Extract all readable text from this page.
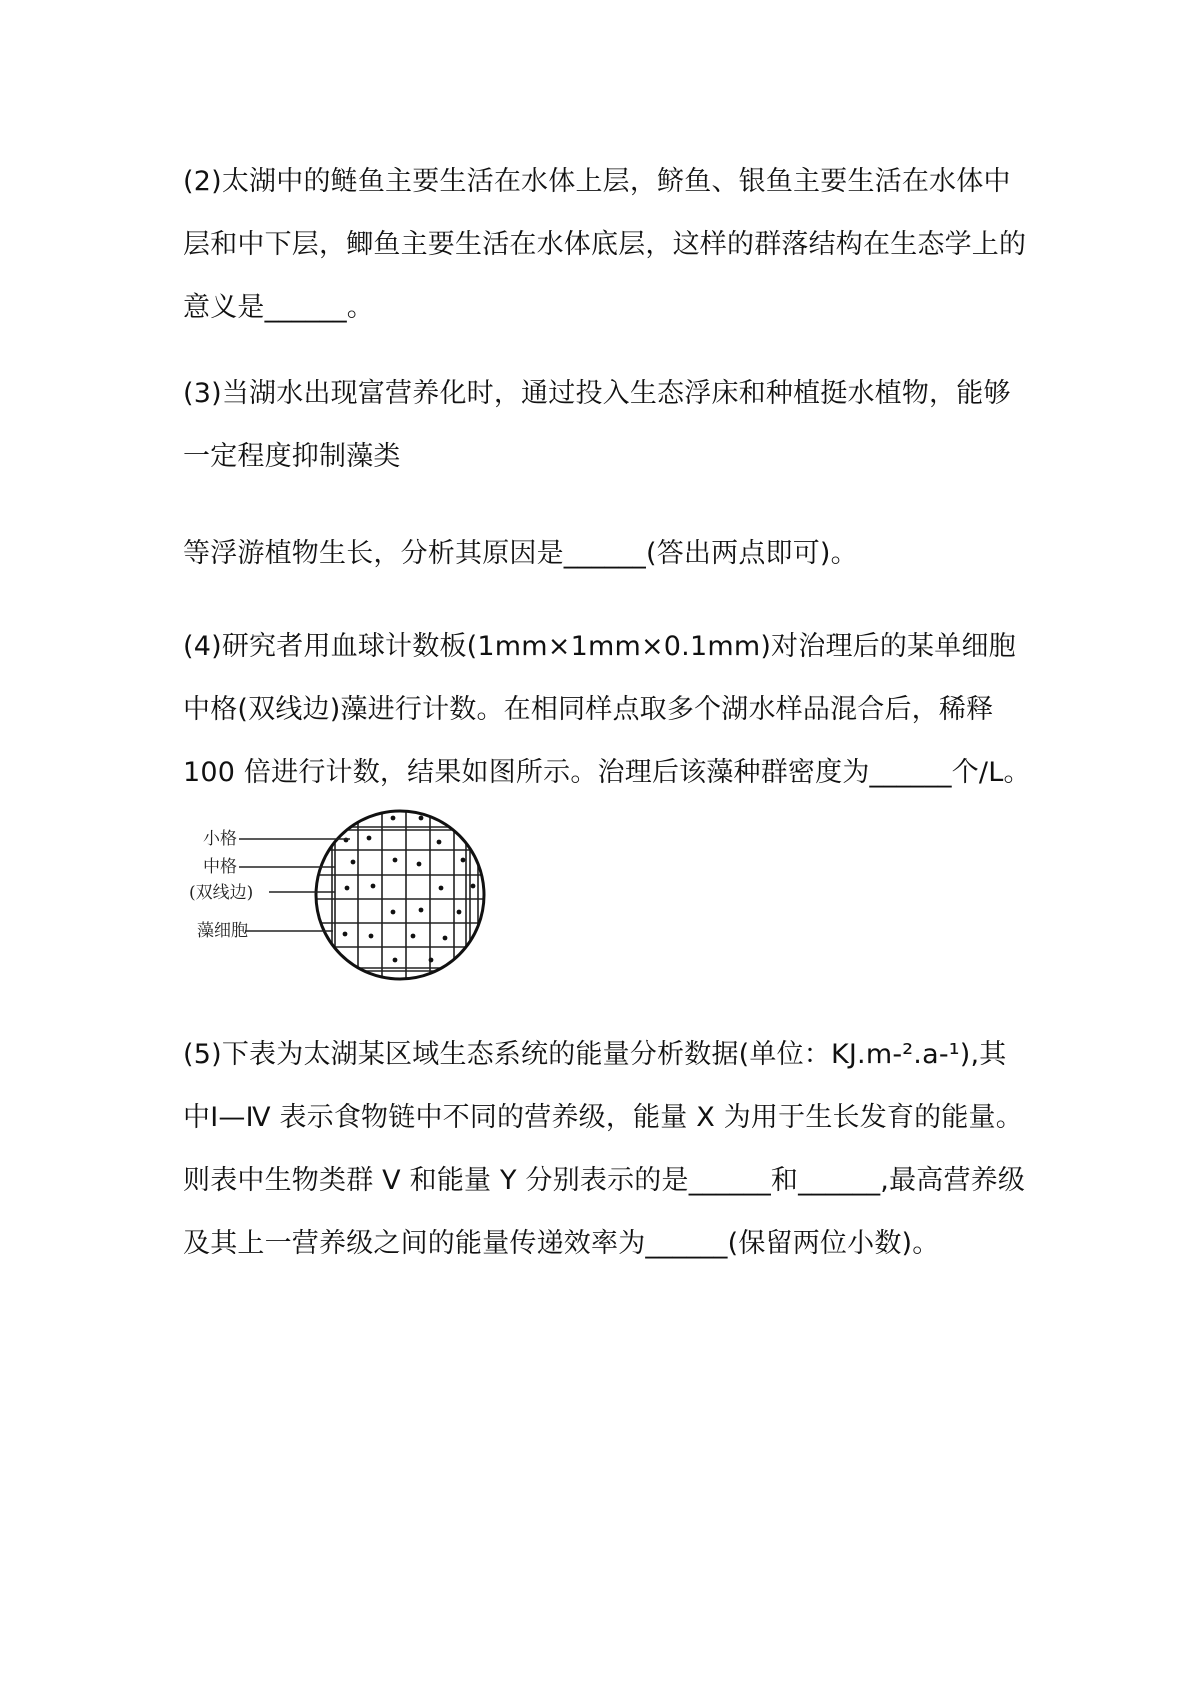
(2)太湖中的鲢鱼主要生活在水体上层，鲚鱼、银鱼主要生活在水体中层和中下层，鲫鱼主要生活在水体底层，这样的群落结构在生态学上的意义是______。

(3)当湖水出现富营养化时，通过投入生态浮床和种植挺水植物，能够一定程度抑制藻类

等浮游植物生长，分析其原因是______(答出两点即可)。

(4)研究者用血球计数板(1mm×1mm×0.1mm)对治理后的某单细胞中格(双线边)藻进行计数。在相同样点取多个湖水样品混合后，稀释 100 倍进行计数，结果如图所示。治理后该藻种群密度为______个/L。

小格
中格
(双线边)
藻细胞

(5)下表为太湖某区域生态系统的能量分析数据(单位：KJ.m-².a-¹),其中Ⅰ—Ⅳ 表示食物链中不同的营养级，能量 X 为用于生长发育的能量。则表中生物类群 V 和能量 Y 分别表示的是______和______,最高营养级及其上一营养级之间的能量传递效率为______(保留两位小数)。
